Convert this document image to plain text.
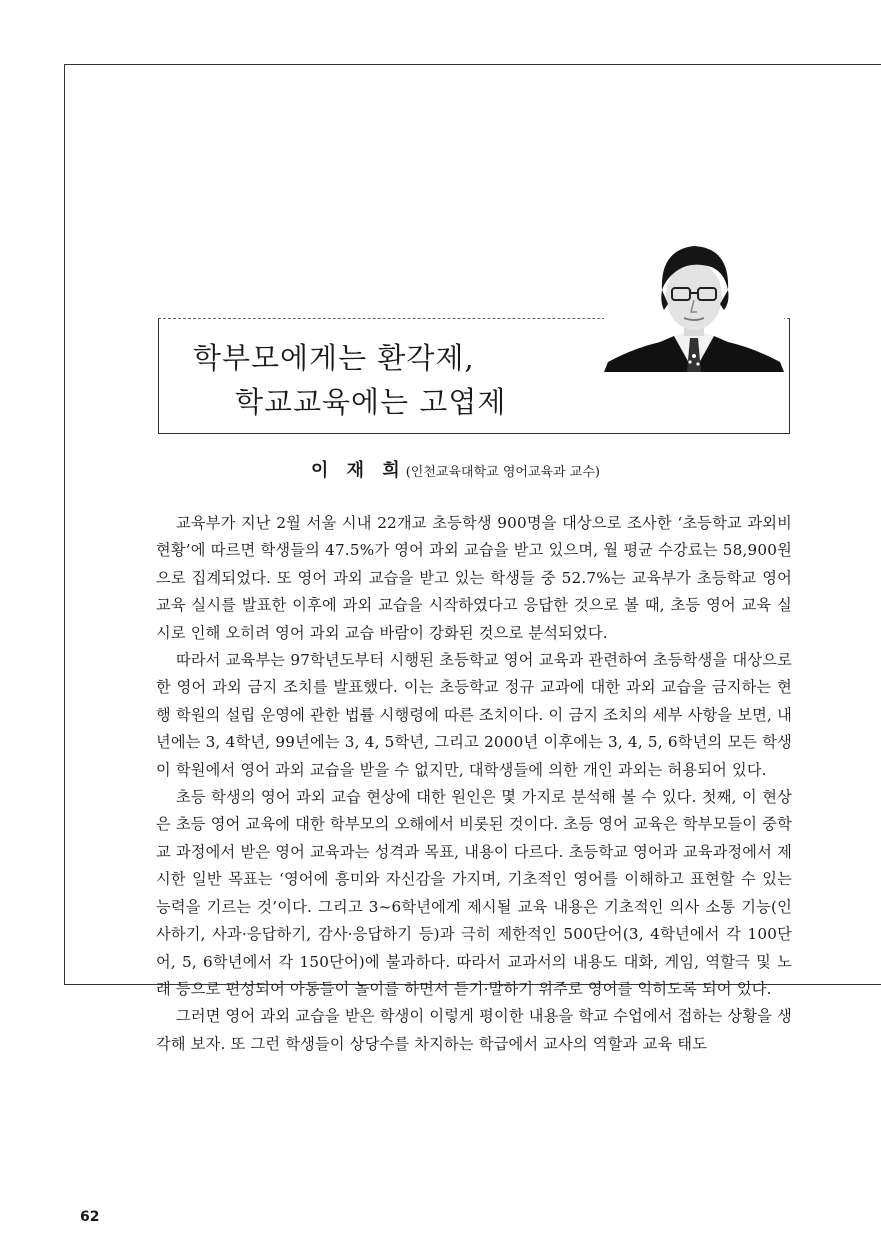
학부모에게는 환각제,
학교교육에는 고엽제
이 재 희(인천교육대학교 영어교육과 교수)

교육부가 지난 2월 서울 시내 22개교 초등학생 900명을 대상으로 조사한 ‘초등학교 과외비 현황’에 따르면 학생들의 47.5%가 영어 과외 교습을 받고 있으며, 월 평균 수강료는 58,900원으로 집계되었다. 또 영어 과외 교습을 받고 있는 학생들 중 52.7%는 교육부가 초등학교 영어 교육 실시를 발표한 이후에 과외 교습을 시작하였다고 응답한 것으로 볼 때, 초등 영어 교육 실시로 인해 오히려 영어 과외 교습 바람이 강화된 것으로 분석되었다.

따라서 교육부는 97학년도부터 시행된 초등학교 영어 교육과 관련하여 초등학생을 대상으로 한 영어 과외 금지 조치를 발표했다. 이는 초등학교 정규 교과에 대한 과외 교습을 금지하는 현행 학원의 설립 운영에 관한 법률 시행령에 따른 조치이다. 이 금지 조치의 세부 사항을 보면, 내년에는 3, 4학년, 99년에는 3, 4, 5학년, 그리고 2000년 이후에는 3, 4, 5, 6학년의 모든 학생이 학원에서 영어 과외 교습을 받을 수 없지만, 대학생들에 의한 개인 과외는 허용되어 있다.

초등 학생의 영어 과외 교습 현상에 대한 원인은 몇 가지로 분석해 볼 수 있다. 첫째, 이 현상은 초등 영어 교육에 대한 학부모의 오해에서 비롯된 것이다. 초등 영어 교육은 학부모들이 중학교 과정에서 받은 영어 교육과는 성격과 목표, 내용이 다르다. 초등학교 영어과 교육과정에서 제시한 일반 목표는 ‘영어에 흥미와 자신감을 가지며, 기초적인 영어를 이해하고 표현할 수 있는 능력을 기르는 것’이다. 그리고 3~6학년에게 제시될 교육 내용은 기초적인 의사 소통 기능(인사하기, 사과·응답하기, 감사·응답하기 등)과 극히 제한적인 500단어(3, 4학년에서 각 100단어, 5, 6학년에서 각 150단어)에 불과하다. 따라서 교과서의 내용도 대화, 게임, 역할극 및 노래 등으로 편성되어 아동들이 놀이를 하면서 듣기·말하기 위주로 영어를 익히도록 되어 있다.

그러면 영어 과외 교습을 받은 학생이 이렇게 평이한 내용을 학교 수업에서 접하는 상황을 생각해 보자. 또 그런 학생들이 상당수를 차지하는 학급에서 교사의 역할과 교육 태도

62
